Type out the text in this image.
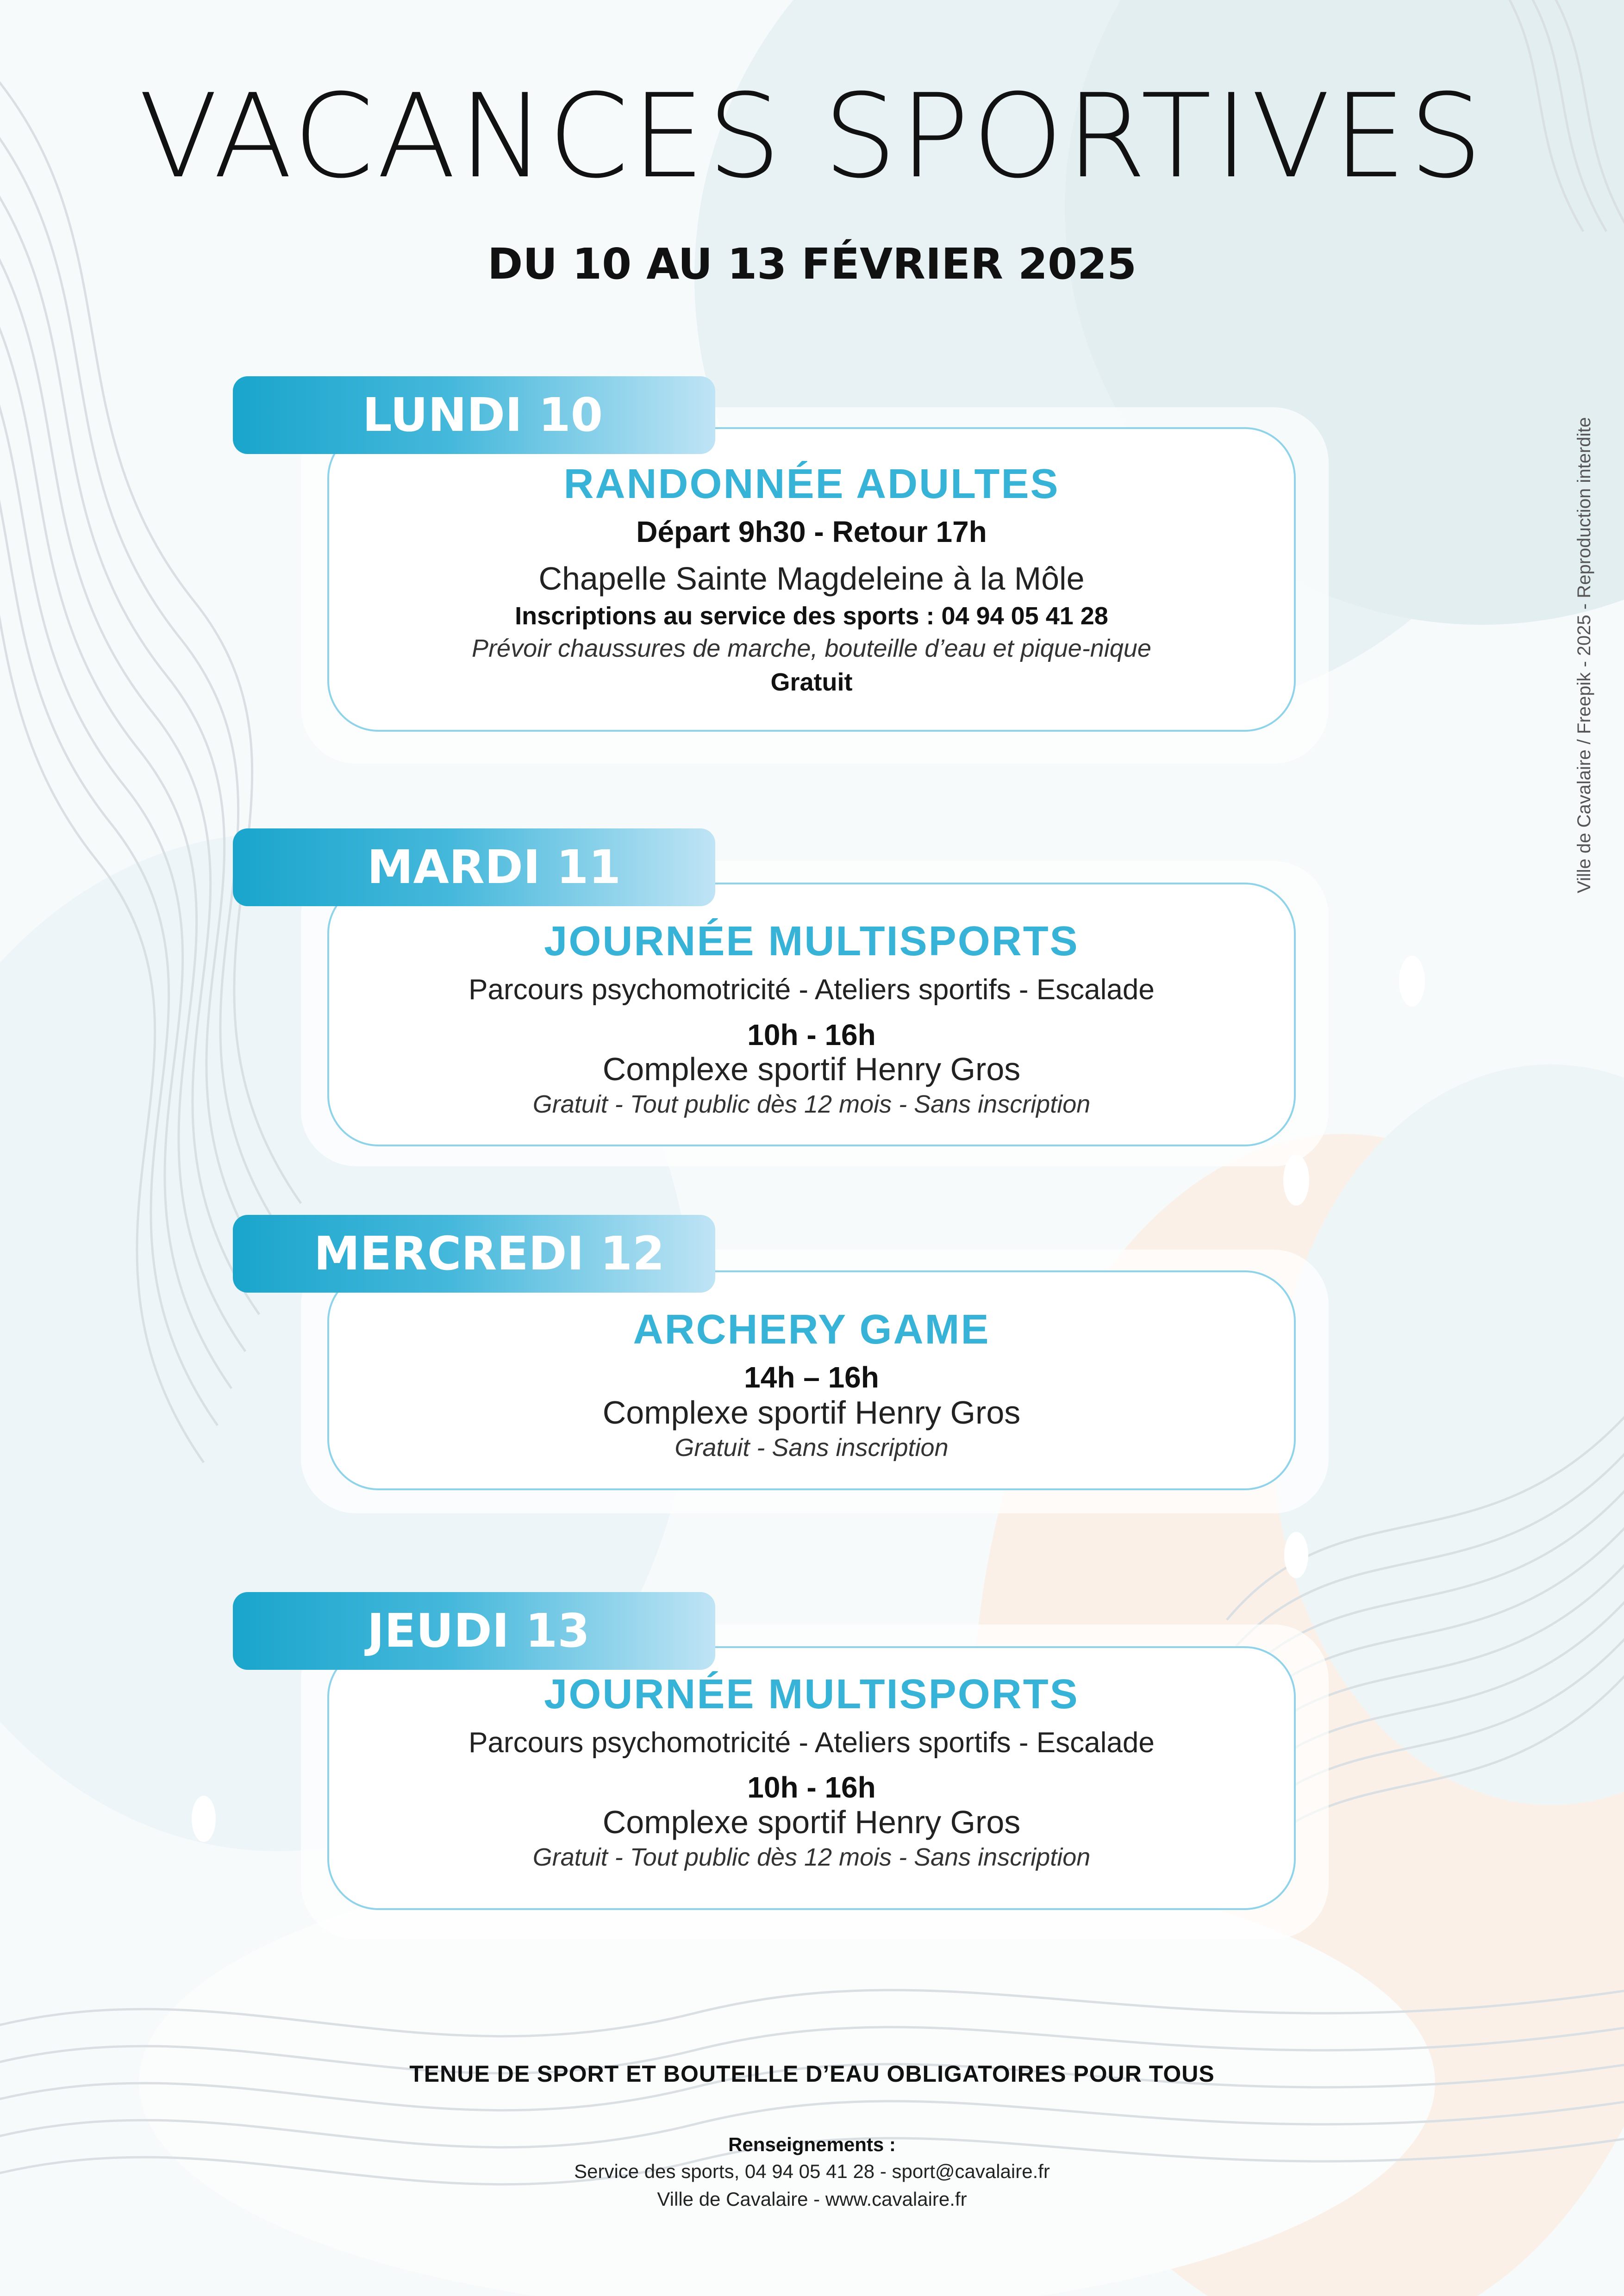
VACANCES SPORTIVES
DU 10 AU 13 FÉVRIER 2025
Ville de Cavalaire / Freepik - 2025 - Reproduction interdite
LUNDI 10
RANDONNÉE ADULTES
Départ 9h30 - Retour 17h
Chapelle Sainte Magdeleine à la Môle
Inscriptions au service des sports : 04 94 05 41 28
Prévoir chaussures de marche, bouteille d’eau et pique-nique
Gratuit
MARDI 11
JOURNÉE MULTISPORTS
Parcours psychomotricité - Ateliers sportifs - Escalade
10h - 16h
Complexe sportif Henry Gros
Gratuit - Tout public dès 12 mois - Sans inscription
MERCREDI 12
ARCHERY GAME
14h – 16h
Complexe sportif Henry Gros
Gratuit - Sans inscription
JEUDI 13
JOURNÉE MULTISPORTS
Parcours psychomotricité - Ateliers sportifs - Escalade
10h - 16h
Complexe sportif Henry Gros
Gratuit - Tout public dès 12 mois - Sans inscription
TENUE DE SPORT ET BOUTEILLE D’EAU OBLIGATOIRES POUR TOUS
Renseignements :
Service des sports, 04 94 05 41 28 - sport@cavalaire.fr
Ville de Cavalaire - www.cavalaire.fr
